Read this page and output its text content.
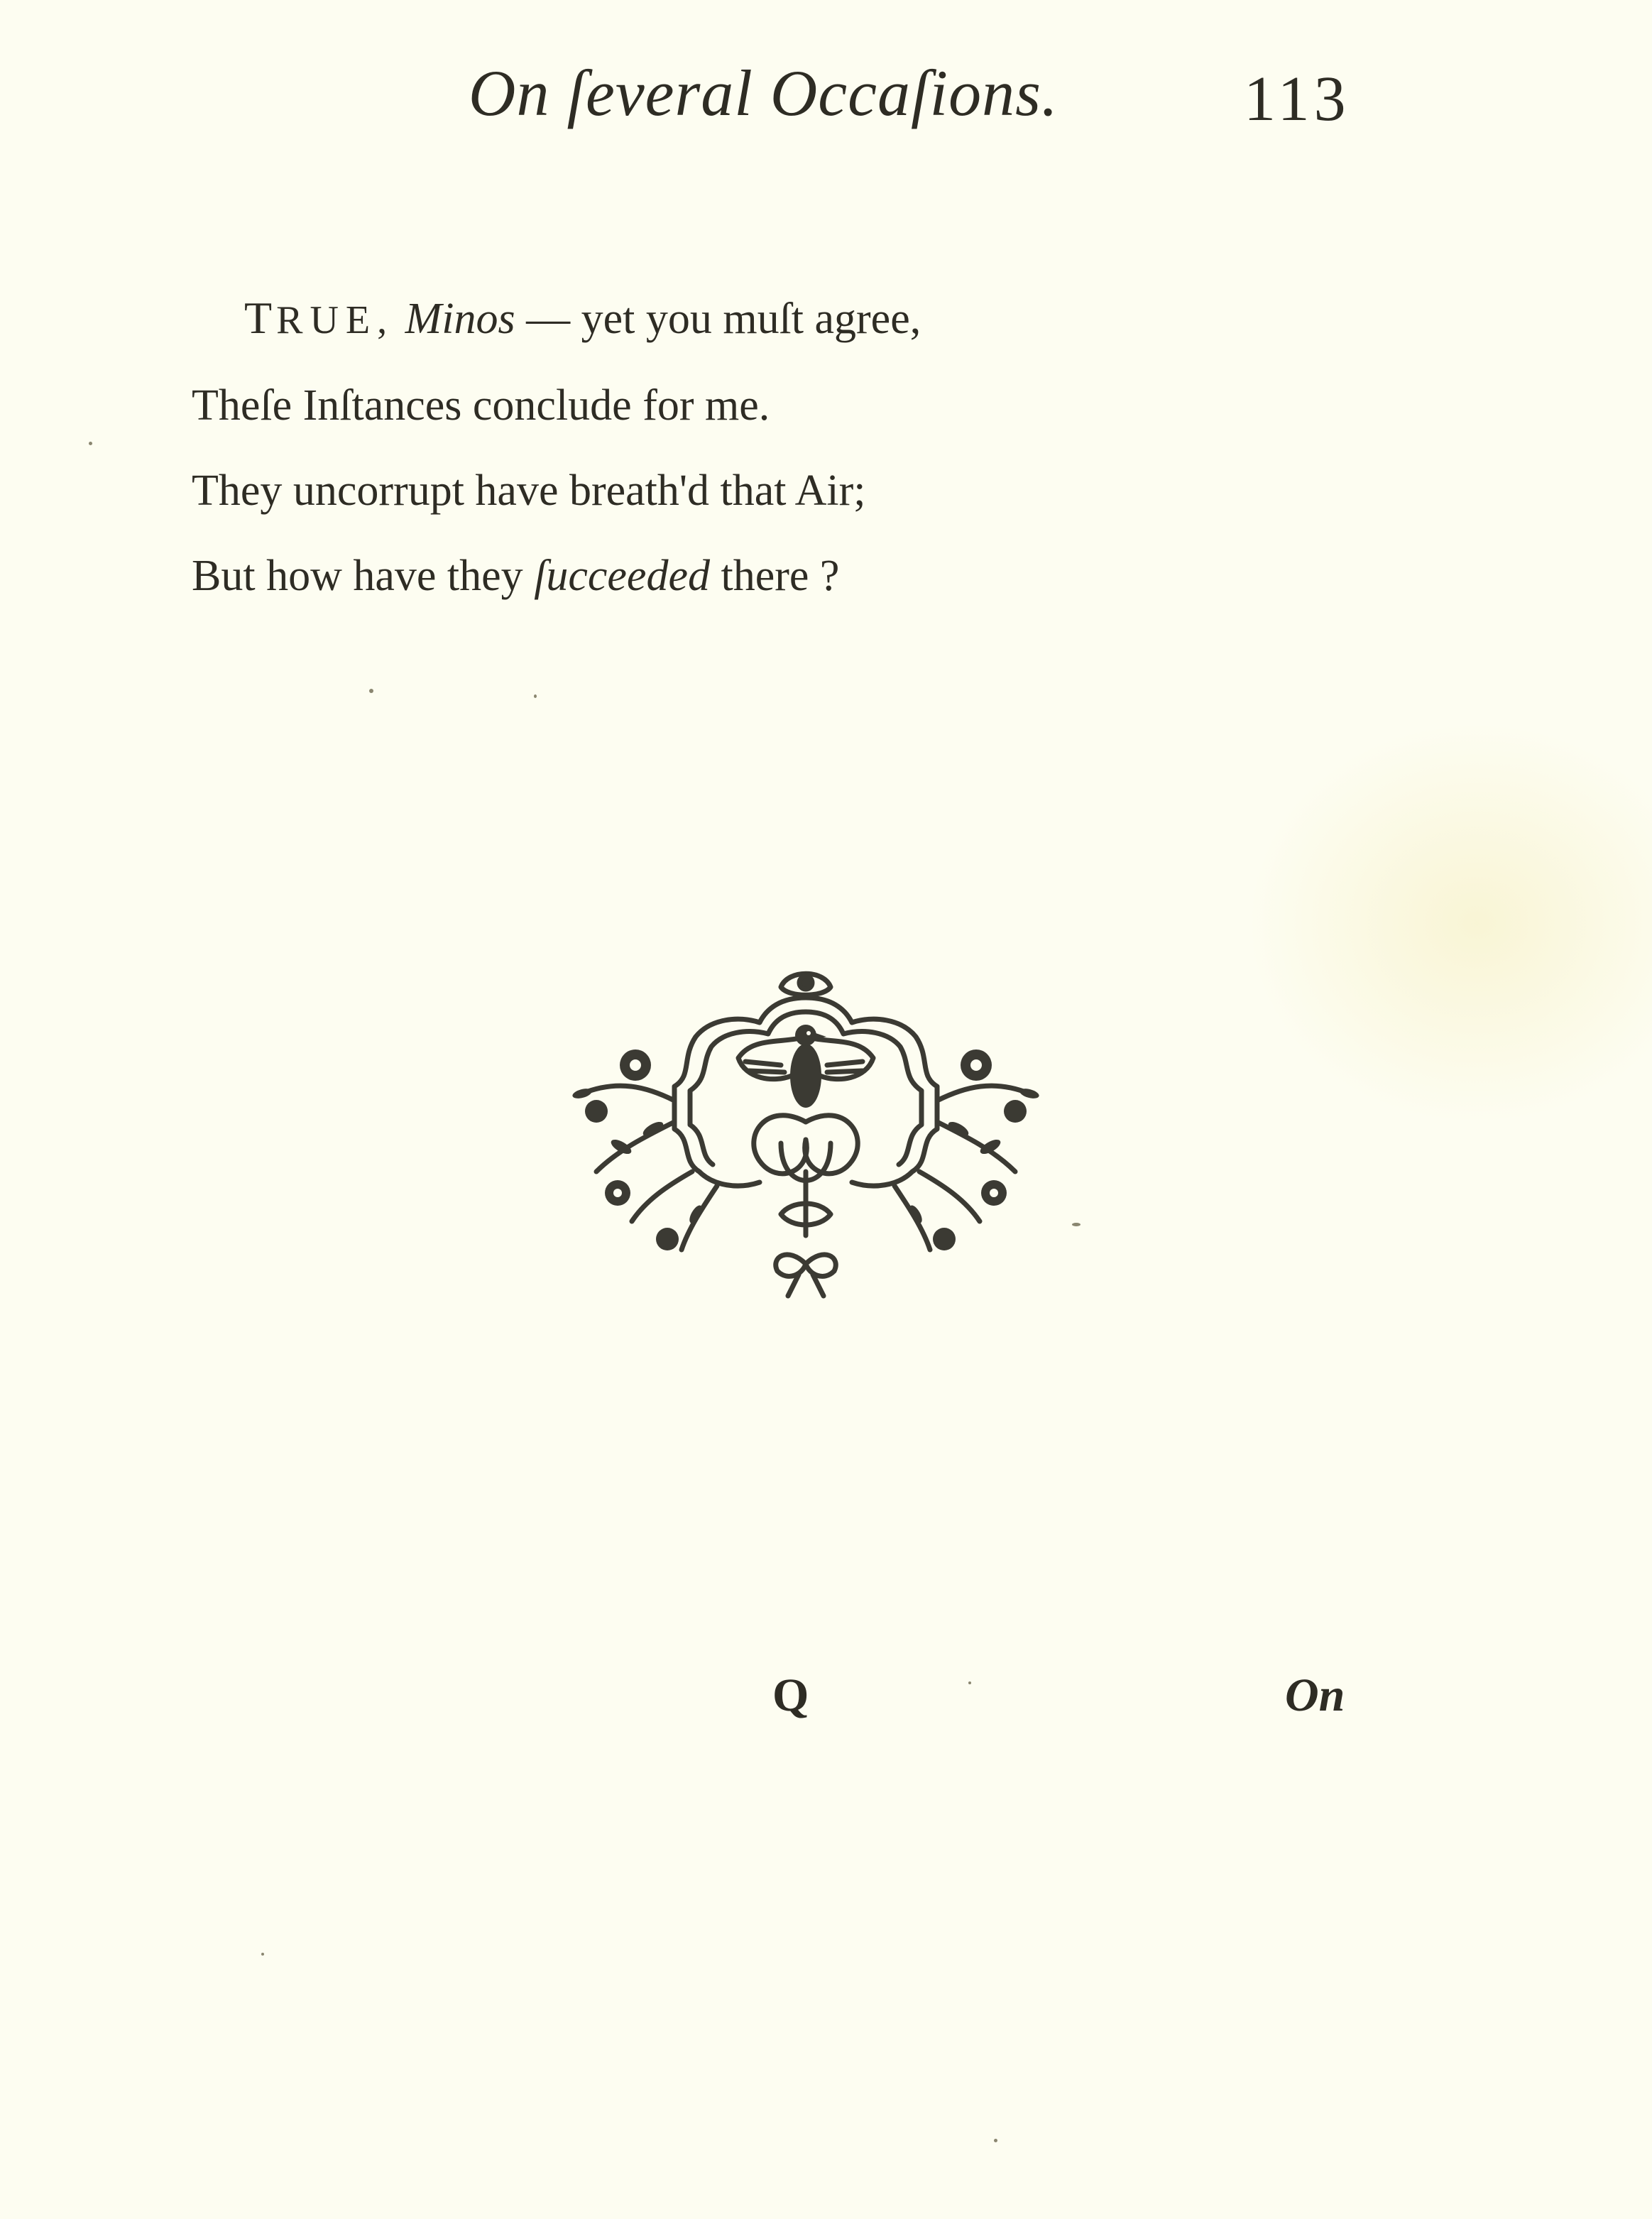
On ſeveral Occaſions.	113
TRUE, Minos — yet you muſt agree,
Theſe Inſtances conclude for me.
They uncorrupt have breath'd that Air;
But how have they ſucceeded there ?
Q	On
